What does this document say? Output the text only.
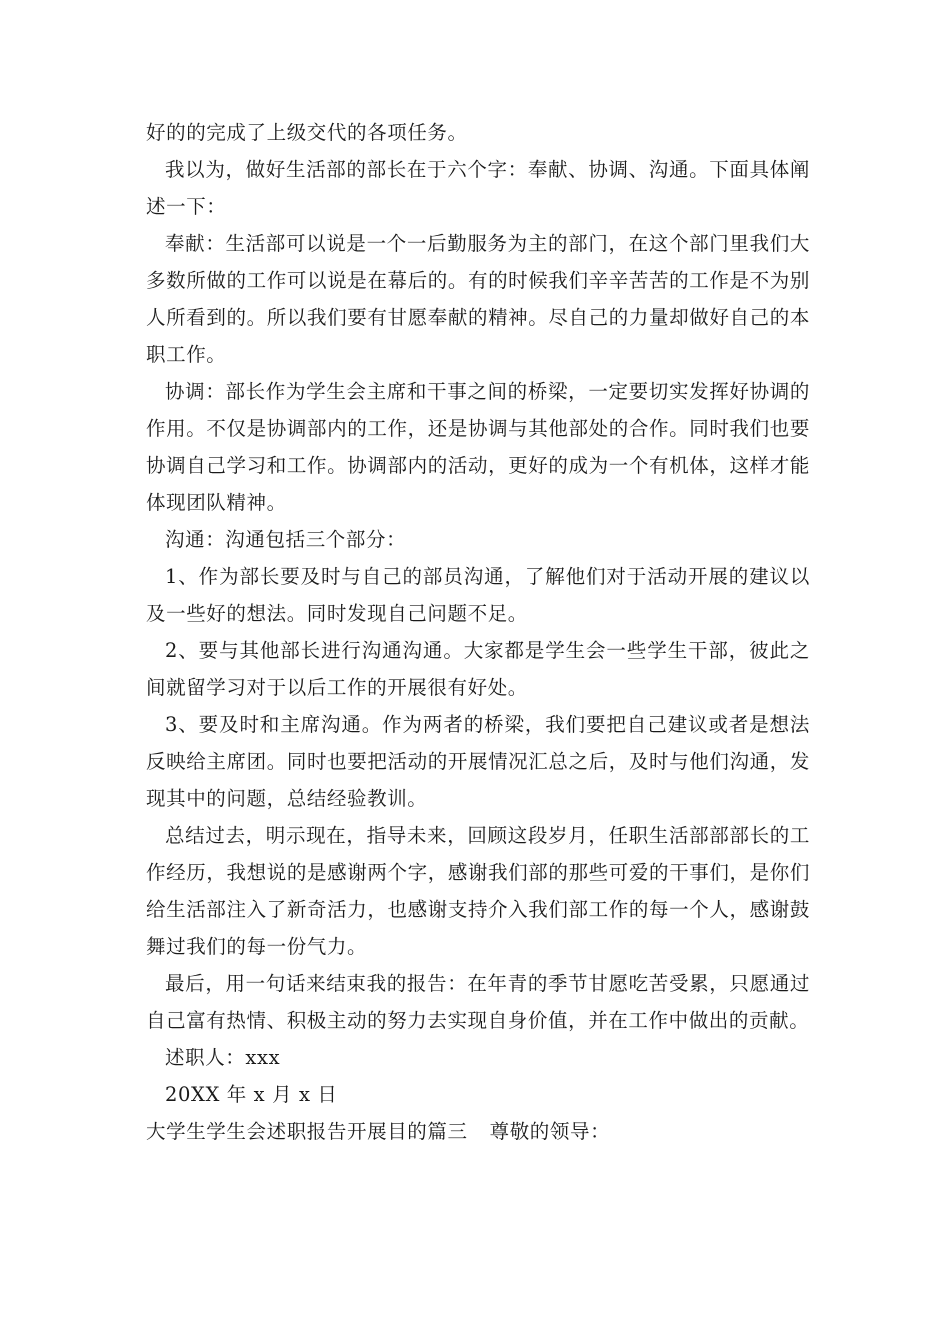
好的的完成了上级交代的各项任务。

我以为，做好生活部的部长在于六个字：奉献、协调、沟通。下面具体阐述一下：

奉献：生活部可以说是一个一后勤服务为主的部门，在这个部门里我们大多数所做的工作可以说是在幕后的。有的时候我们辛辛苦苦的工作是不为别人所看到的。所以我们要有甘愿奉献的精神。尽自己的力量却做好自己的本职工作。

协调：部长作为学生会主席和干事之间的桥梁，一定要切实发挥好协调的作用。不仅是协调部内的工作，还是协调与其他部处的合作。同时我们也要协调自己学习和工作。协调部内的活动，更好的成为一个有机体，这样才能体现团队精神。

沟通：沟通包括三个部分：

1、作为部长要及时与自己的部员沟通，了解他们对于活动开展的建议以及一些好的想法。同时发现自己问题不足。

2、要与其他部长进行沟通沟通。大家都是学生会一些学生干部，彼此之间就留学习对于以后工作的开展很有好处。

3、要及时和主席沟通。作为两者的桥梁，我们要把自己建议或者是想法反映给主席团。同时也要把活动的开展情况汇总之后，及时与他们沟通，发现其中的问题，总结经验教训。

总结过去，明示现在，指导未来，回顾这段岁月，任职生活部部部长的工作经历，我想说的是感谢两个字，感谢我们部的那些可爱的干事们，是你们给生活部注入了新奇活力，也感谢支持介入我们部工作的每一个人，感谢鼓舞过我们的每一份气力。

最后，用一句话来结束我的报告：在年青的季节甘愿吃苦受累，只愿通过自己富有热情、积极主动的努力去实现自身价值，并在工作中做出的贡献。

述职人：xxx

20XX 年 x 月 x 日

大学生学生会述职报告开展目的篇三 尊敬的领导：
